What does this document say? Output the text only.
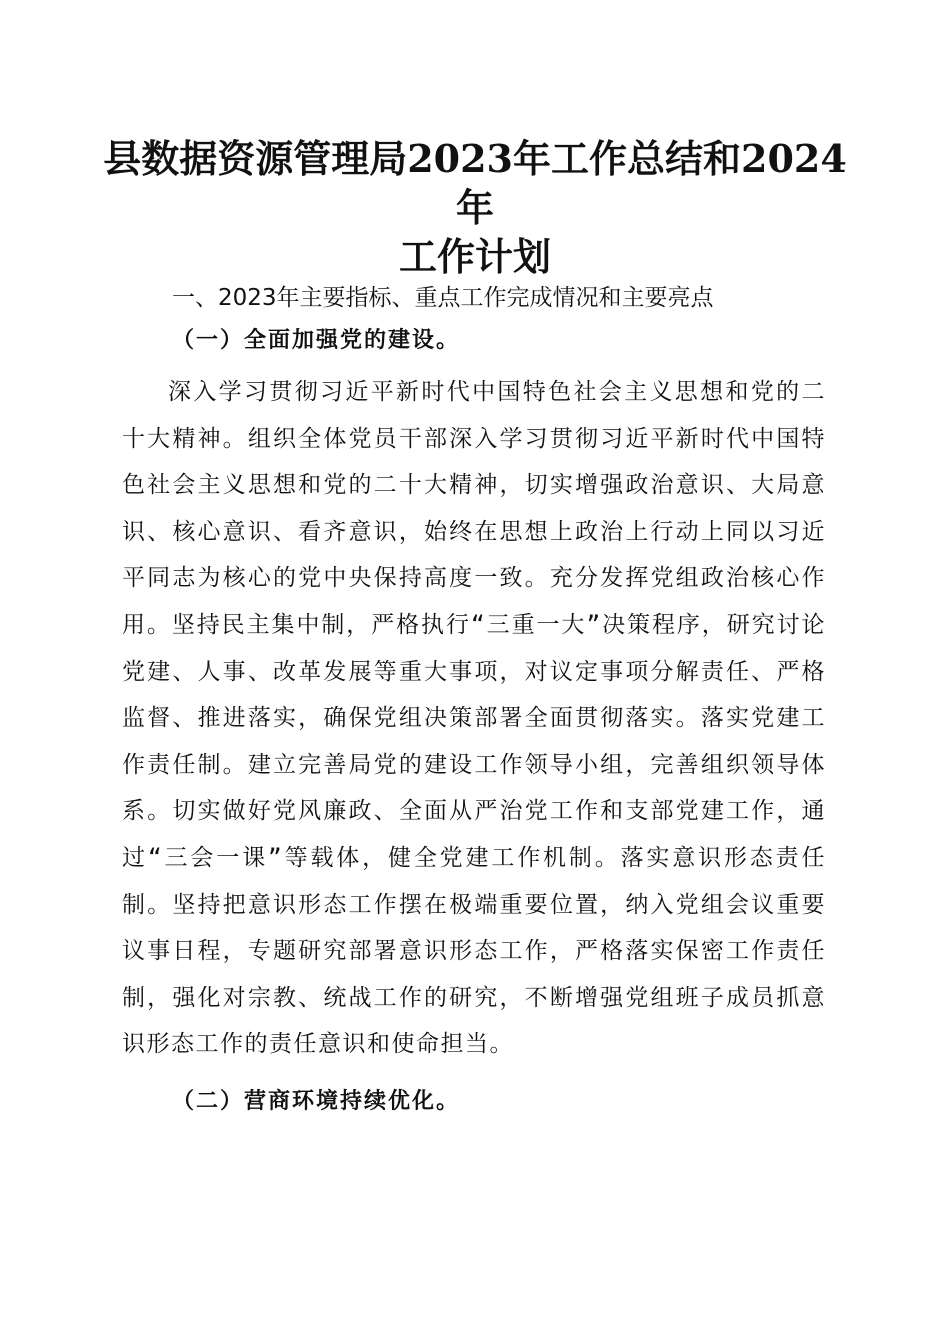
县数据资源管理局2023年工作总结和2024年
工作计划
一、2023年主要指标、重点工作完成情况和主要亮点
（一）全面加强党的建设。

深入学习贯彻习近平新时代中国特色社会主义思想和党的二十大精神。组织全体党员干部深入学习贯彻习近平新时代中国特色社会主义思想和党的二十大精神，切实增强政治意识、大局意识、核心意识、看齐意识，始终在思想上政治上行动上同以习近平同志为核心的党中央保持高度一致。充分发挥党组政治核心作用。坚持民主集中制，严格执行“三重一大”决策程序，研究讨论党建、人事、改革发展等重大事项，对议定事项分解责任、严格监督、推进落实，确保党组决策部署全面贯彻落实。落实党建工作责任制。建立完善局党的建设工作领导小组，完善组织领导体系。切实做好党风廉政、全面从严治党工作和支部党建工作，通过“三会一课”等载体，健全党建工作机制。落实意识形态责任制。坚持把意识形态工作摆在极端重要位置，纳入党组会议重要议事日程，专题研究部署意识形态工作，严格落实保密工作责任制，强化对宗教、统战工作的研究，不断增强党组班子成员抓意识形态工作的责任意识和使命担当。

（二）营商环境持续优化。
